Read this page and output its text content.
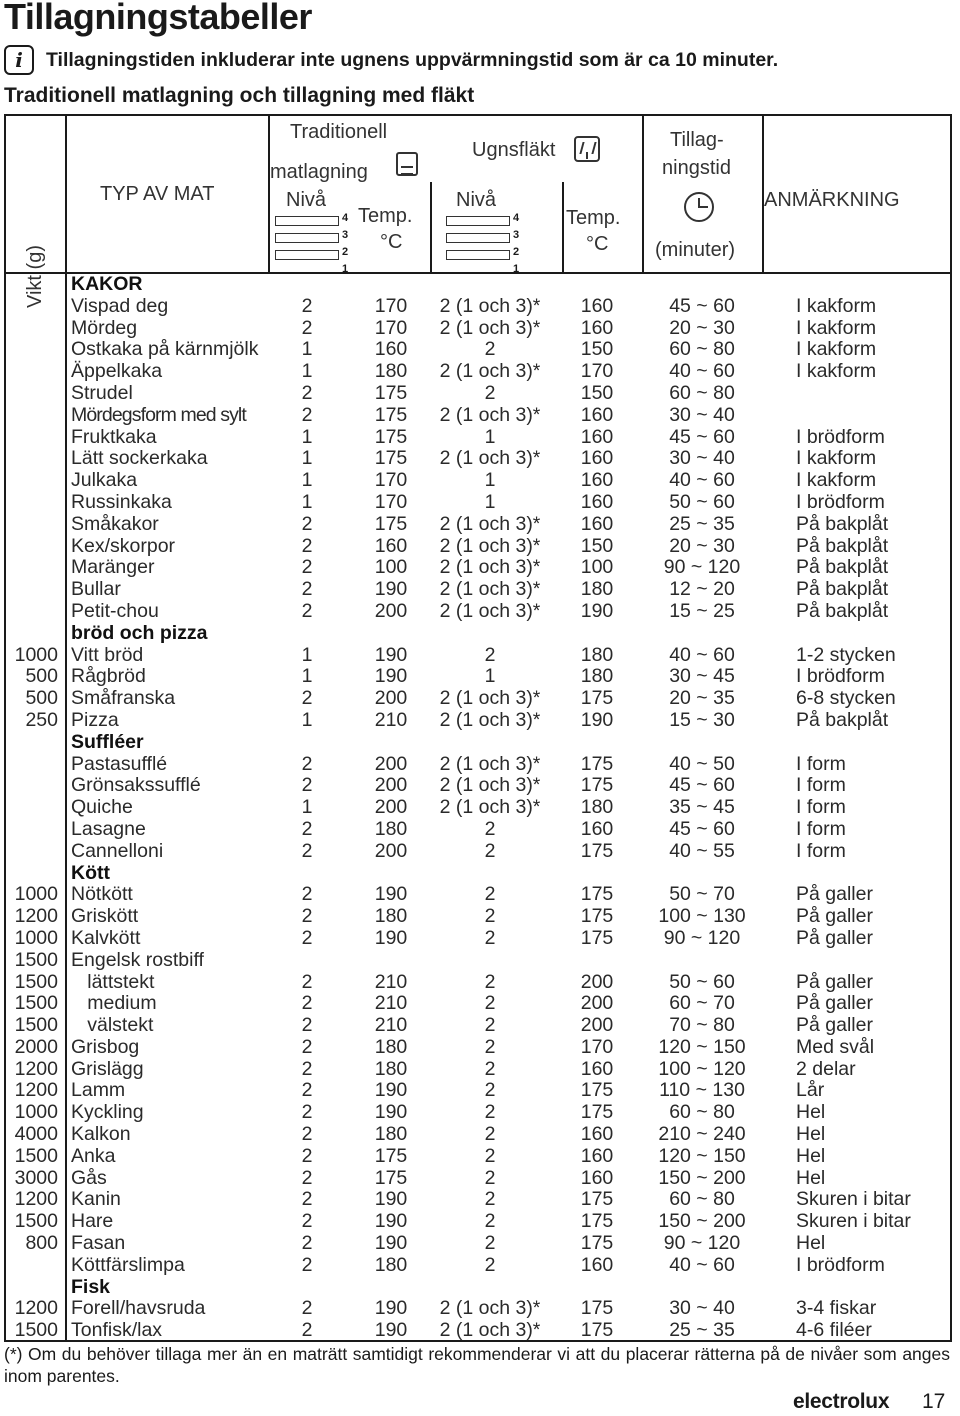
Tillagningstabeller
i	Tillagningstiden inkluderar inte ugnens uppvärmningstid som är ca 10 minuter.
Traditionell matlagning och tillagning med fläkt
Vikt (g)
TYP AV MAT
Traditionell
matlagning
Nivå
Temp.
°C
Ugnsfläkt
Nivå
Temp.
°C
Tillag-
ningstid
(minuter)
ANMÄRKNING
4
3
2
1
4
3
2
1
KAKOR
Vispad deg	2	170	2 (1 och 3)*	160	45 ~ 60	I kakform
Mördeg	2	170	2 (1 och 3)*	160	20 ~ 30	I kakform
Ostkaka på kärnmjölk	1	160	2	150	60 ~ 80	I kakform
Äppelkaka	1	180	2 (1 och 3)*	170	40 ~ 60	I kakform
Strudel	2	175	2	150	60 ~ 80
Mördegsform med sylt	2	175	2 (1 och 3)*	160	30 ~ 40
Fruktkaka	1	175	1	160	45 ~ 60	I brödform
Lätt sockerkaka	1	175	2 (1 och 3)*	160	30 ~ 40	I kakform
Julkaka	1	170	1	160	40 ~ 60	I kakform
Russinkaka	1	170	1	160	50 ~ 60	I brödform
Småkakor	2	175	2 (1 och 3)*	160	25 ~ 35	På bakplåt
Kex/skorpor	2	160	2 (1 och 3)*	150	20 ~ 30	På bakplåt
Maränger	2	100	2 (1 och 3)*	100	90 ~ 120	På bakplåt
Bullar	2	190	2 (1 och 3)*	180	12 ~ 20	På bakplåt
Petit-chou	2	200	2 (1 och 3)*	190	15 ~ 25	På bakplåt
bröd och pizza
1000 Vitt bröd	1	190	2	180	40 ~ 60	1-2 stycken
500 Rågbröd	1	190	1	180	30 ~ 45	I brödform
500 Småfranska	2	200	2 (1 och 3)*	175	20 ~ 35	6-8 stycken
250 Pizza	1	210	2 (1 och 3)*	190	15 ~ 30	På bakplåt
Suffléer
Pastasufflé	2	200	2 (1 och 3)*	175	40 ~ 50	I form
Grönsakssufflé	2	200	2 (1 och 3)*	175	45 ~ 60	I form
Quiche	1	200	2 (1 och 3)*	180	35 ~ 45	I form
Lasagne	2	180	2	160	45 ~ 60	I form
Cannelloni	2	200	2	175	40 ~ 55	I form
Kött
1000 Nötkött	2	190	2	175	50 ~ 70	På galler
1200 Griskött	2	180	2	175	100 ~ 130	På galler
1000 Kalvkött	2	190	2	175	90 ~ 120	På galler
1500 Engelsk rostbiff
1500 lättstekt	2	210	2	200	50 ~ 60	På galler
1500 medium	2	210	2	200	60 ~ 70	På galler
1500 välstekt	2	210	2	200	70 ~ 80	På galler
2000 Grisbog	2	180	2	170	120 ~ 150	Med svål
1200 Grislägg	2	180	2	160	100 ~ 120	2 delar
1200 Lamm	2	190	2	175	110 ~ 130	Lår
1000 Kyckling	2	190	2	175	60 ~ 80	Hel
4000 Kalkon	2	180	2	160	210 ~ 240	Hel
1500 Anka	2	175	2	160	120 ~ 150	Hel
3000 Gås	2	175	2	160	150 ~ 200	Hel
1200 Kanin	2	190	2	175	60 ~ 80	Skuren i bitar
1500 Hare	2	190	2	175	150 ~ 200	Skuren i bitar
800 Fasan	2	190	2	175	90 ~ 120	Hel
Köttfärslimpa	2	180	2	160	40 ~ 60	I brödform
Fisk
1200 Forell/havsruda	2	190	2 (1 och 3)*	175	30 ~ 40	3-4 fiskar
1500 Tonfisk/lax	2	190	2 (1 och 3)*	175	25 ~ 35	4-6 filéer
(*) Om du behöver tillaga mer än en maträtt samtidigt rekommenderar vi att du placerar rätterna på de nivåer som anges inom parentes.
electrolux 17
